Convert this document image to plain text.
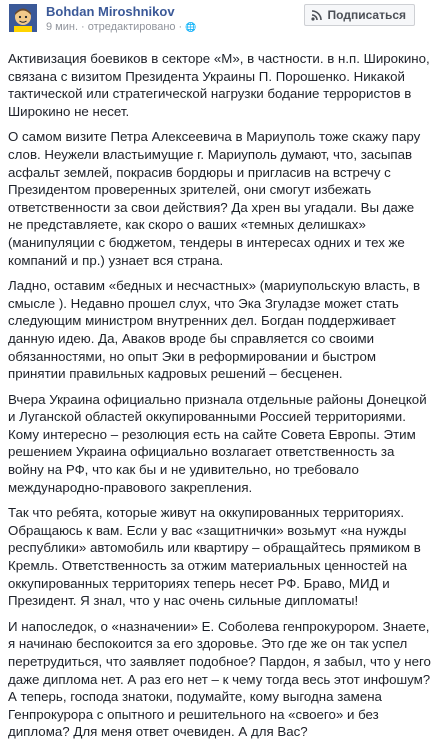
Bohdan Miroshnikov
9 мин. · отредактировано · 🌐
Подписаться

Активизация боевиков в секторе «М», в частности. в н.п. Широкино, связана с визитом Президента Украины П. Порошенко. Никакой тактической или стратегической нагрузки бодание террористов в Широкино не несет.

О самом визите Петра Алексеевича в Мариуполь тоже скажу пару слов. Неужели властьимущие г. Мариуполь думают, что, засыпав асфальт землей, покрасив бордюры и пригласив на встречу с Президентом проверенных зрителей, они смогут избежать ответственности за свои действия? Да хрен вы угадали. Вы даже не представляете, как скоро о ваших «темных делишках» (манипуляции с бюджетом, тендеры в интересах одних и тех же компаний и пр.) узнает вся страна.

Ладно, оставим «бедных и несчастных» (мариупольскую власть, в смысле ). Недавно прошел слух, что Эка Згуладзе может стать следующим министром внутренних дел. Богдан поддерживает данную идею. Да, Аваков вроде бы справляется со своими обязанностями, но опыт Эки в реформировании и быстром принятии правильных кадровых решений – бесценен.

Вчера Украина официально признала отдельные районы Донецкой и Луганской областей оккупированными Россией территориями. Кому интересно – резолюция есть на сайте Совета Европы. Этим решением Украина официально возлагает ответственность за войну на РФ, что как бы и не удивительно, но требовало международно-правового закрепления.

Так что ребята, которые живут на оккупированных территориях. Обращаюсь к вам. Если у вас «защитнички» возьмут «на нужды республики» автомобиль или квартиру – обращайтесь прямиком в Кремль. Ответственность за отжим материальных ценностей на оккупированных территориях теперь несет РФ. Браво, МИД и Президент. Я знал, что у нас очень сильные дипломаты!

И напоследок, о «назначении» Е. Соболева генпрокурором. Знаете, я начинаю беспокоится за его здоровье. Это где же он так успел перетрудиться, что заявляет подобное? Пардон, я забыл, что у него даже диплома нет. А раз его нет – к чему тогда весь этот инфошум? А теперь, господа знатоки, подумайте, кому выгодна замена Генпрокурора с опытного и решительного на «своего» и без диплома? Для меня ответ очевиден. А для Вас?
